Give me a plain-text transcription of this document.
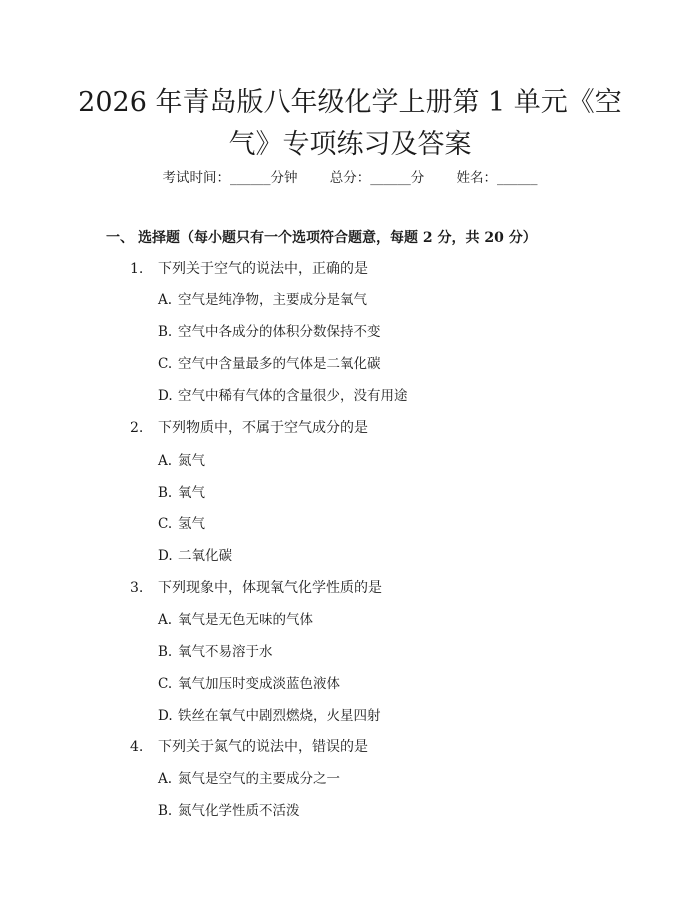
2026 年青岛版八年级化学上册第 1 单元《空
气》专项练习及答案
考试时间：______分钟 总分：______分 姓名：______
一、 选择题（每小题只有一个选项符合题意，每题 2 分，共 20 分）
1. 下列关于空气的说法中，正确的是
A. 空气是纯净物，主要成分是氧气
B. 空气中各成分的体积分数保持不变
C. 空气中含量最多的气体是二氧化碳
D. 空气中稀有气体的含量很少，没有用途
2. 下列物质中，不属于空气成分的是
A. 氮气
B. 氧气
C. 氢气
D. 二氧化碳
3. 下列现象中，体现氧气化学性质的是
A. 氧气是无色无味的气体
B. 氧气不易溶于水
C. 氧气加压时变成淡蓝色液体
D. 铁丝在氧气中剧烈燃烧，火星四射
4. 下列关于氮气的说法中，错误的是
A. 氮气是空气的主要成分之一
B. 氮气化学性质不活泼
